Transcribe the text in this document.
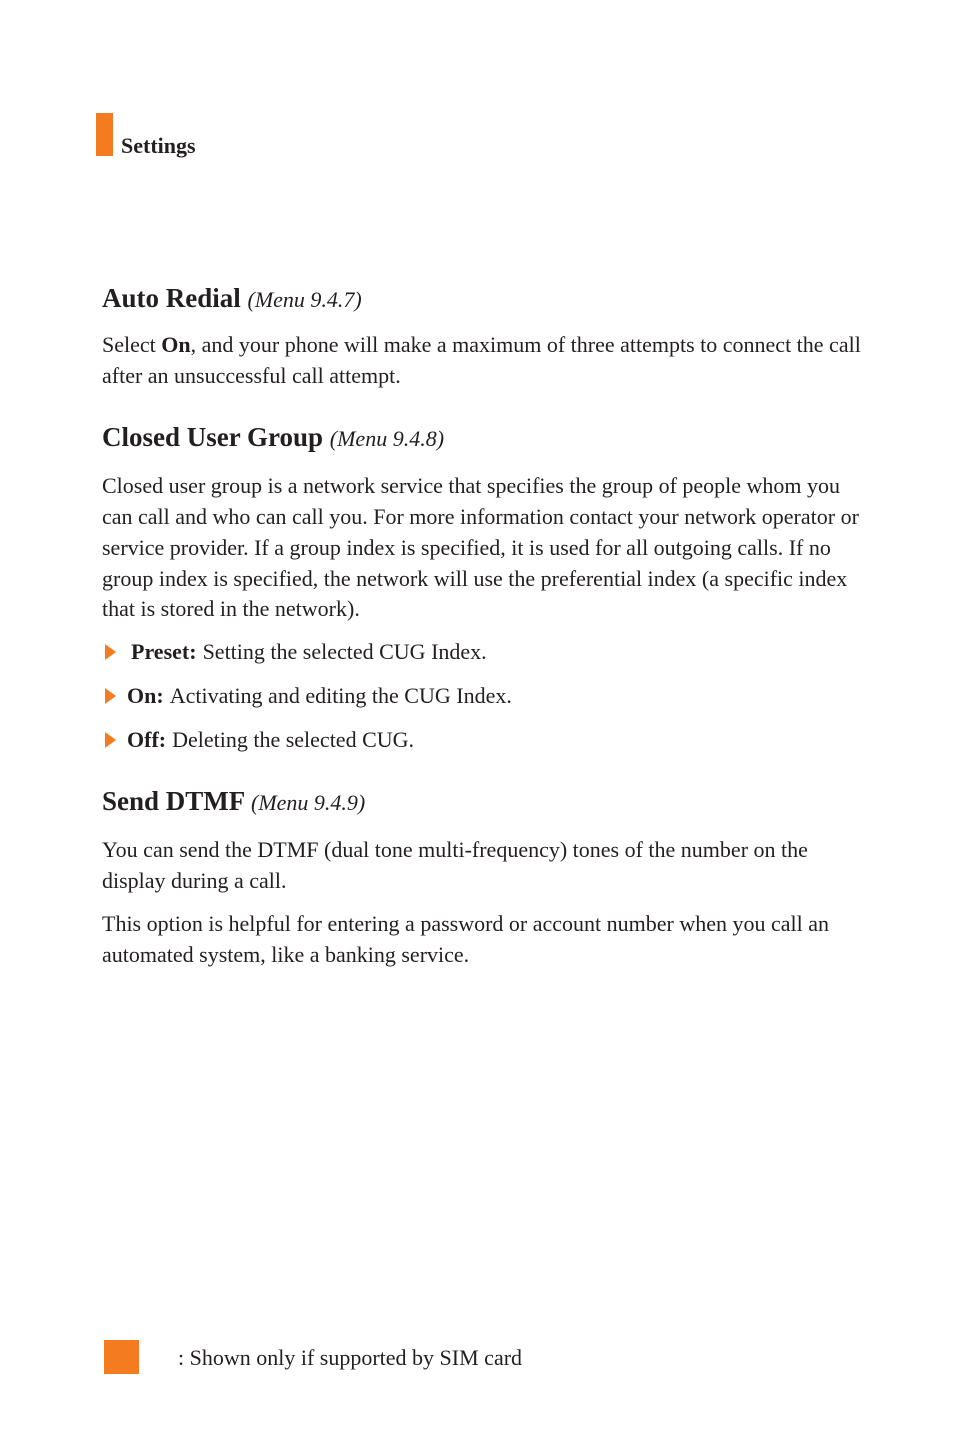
Settings
Auto Redial (Menu 9.4.7)

Select On, and your phone will make a maximum of three attempts to connect the call after an unsuccessful call attempt.

Closed User Group (Menu 9.4.8)

Closed user group is a network service that specifies the group of people whom you can call and who can call you. For more information contact your network operator or service provider. If a group index is specified, it is used for all outgoing calls. If no group index is specified, the network will use the preferential index (a specific index that is stored in the network).

Preset: Setting the selected CUG Index.
On: Activating and editing the CUG Index.
Off: Deleting the selected CUG.
Send DTMF (Menu 9.4.9)

You can send the DTMF (dual tone multi-frequency) tones of the number on the display during a call.

This option is helpful for entering a password or account number when you call an automated system, like a banking service.

: Shown only if supported by SIM card
